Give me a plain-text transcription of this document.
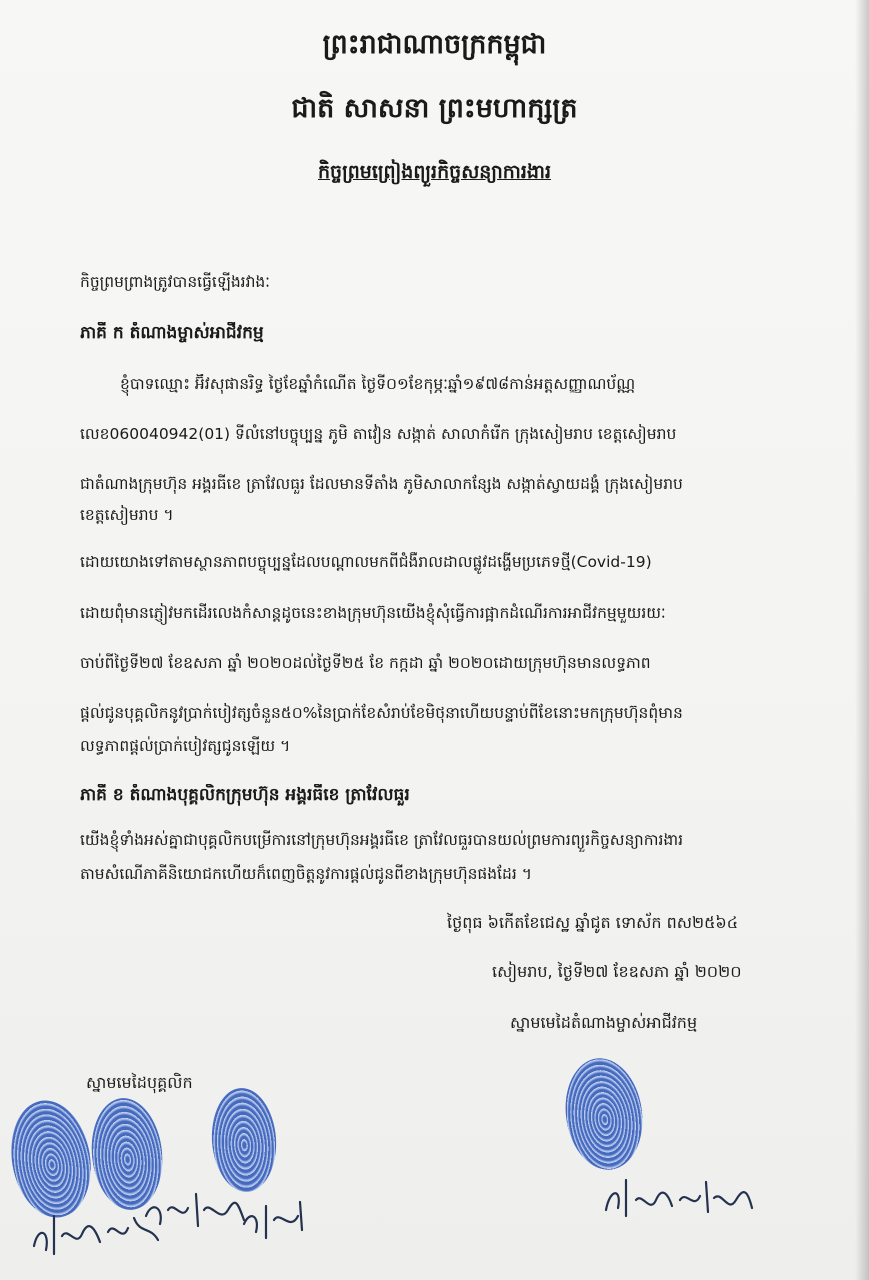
ព្រះរាជាណាចក្រកម្ពុជា
ជាតិ សាសនា ព្រះមហាក្សត្រ
កិច្ចព្រមព្រៀងព្យួរកិច្ចសន្យាការងារ
កិច្ចព្រមព្រាងត្រូវបានធ្វើឡើងរវាងៈ
ភាគី ក តំណាងម្ចាស់អាជីវកម្ម
ខ្ញុំបាទឈ្មោះ អ៊ីវសុផានរិទ្ធ ថ្ងៃខែឆ្នាំកំណើត ថ្ងៃទី០១ខែកុម្ភៈឆ្នាំ១៩៧៨កាន់អត្តសញ្ញាណប័ណ្ណ
លេខ060040942(01) ទីលំនៅបច្ចុប្បន្ន ភូមិ តាវៀន សង្កាត់ សាលាកំរើក ក្រុងសៀមរាប ខេត្តសៀមរាប
ជាតំណាងក្រុមហ៊ុន អង្គរធីខេ ត្រាវែលធួរ ដែលមានទីតាំង ភូមិសាលាកន្សែង សង្កាត់ស្វាយដង្គំ ក្រុងសៀមរាប
ខេត្តសៀមរាប ។
ដោយយោងទៅតាមស្ថានភាពបច្ចុប្បន្នដែលបណ្តាលមកពីជំងឺរាលដាលផ្លូវដង្ហើមប្រភេទថ្មី(Covid-19)
ដោយពុំមានភ្ញៀវមកដើរលេងកំសាន្តដូចនេះខាងក្រុមហ៊ុនយើងខ្ញុំសុំធ្វើការផ្អាកដំណើរការអាជីវកម្មមួយរយៈ
ចាប់ពីថ្ងៃទី២៧ ខែឧសភា ឆ្នាំ ២០២០ដល់ថ្ងៃទី២៥ ខែ កក្កដា ឆ្នាំ ២០២០ដោយក្រុមហ៊ុនមានលទ្ធភាព
ផ្តល់ជូនបុគ្គលិកនូវប្រាក់បៀវត្សចំនួន៥០%នៃប្រាក់ខែសំរាប់ខែមិថុនាហើយបន្ទាប់ពីខែនោះមកក្រុមហ៊ុនពុំមាន
លទ្ធភាពផ្តល់ប្រាក់បៀវត្សជូនឡើយ ។
ភាគី ខ តំណាងបុគ្គលិកក្រុមហ៊ុន អង្គរធីខេ ត្រាវែលធួរ
យើងខ្ញុំទាំងអស់គ្នាជាបុគ្គលិកបម្រើការនៅក្រុមហ៊ុនអង្គរធីខេ ត្រាវែលធួរបានយល់ព្រមការព្យួរកិច្ចសន្យាការងារ
តាមសំណើភាគីនិយោជកហើយក៏ពេញចិត្តនូវការផ្តល់ជូនពីខាងក្រុមហ៊ុនផងដែរ ។
ថ្ងៃពុធ ៦កើតខែជេស្ឋ ឆ្នាំជូត ទោស័ក ពស២៥៦៤
សៀមរាប, ថ្ងៃទី២៧ ខែឧសភា ឆ្នាំ ២០២០
ស្នាមមេដៃតំណាងម្ចាស់អាជីវកម្ម
ស្នាមមេដៃបុគ្គលិក
